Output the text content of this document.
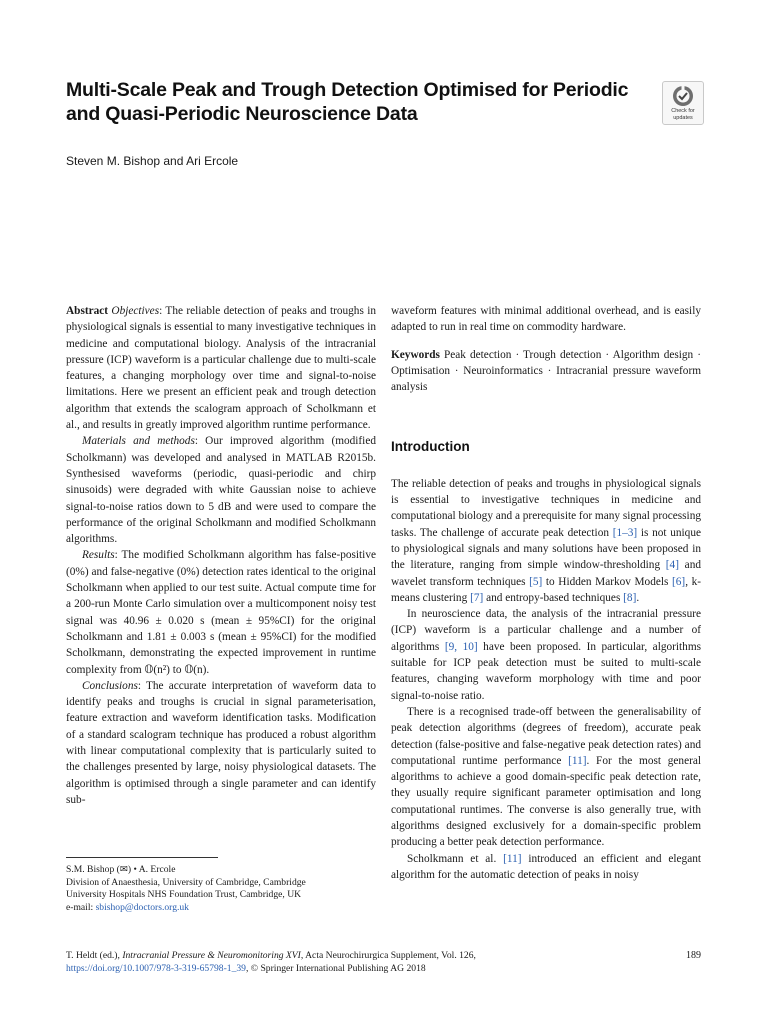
Multi-Scale Peak and Trough Detection Optimised for Periodic and Quasi-Periodic Neuroscience Data	Check for
updates
Steven M. Bishop and Ari Ercole

Abstract Objectives: The reliable detection of peaks and troughs in physiological signals is essential to many investigative techniques in medicine and computational biology. Analysis of the intracranial pressure (ICP) waveform is a particular challenge due to multi-scale features, a changing morphology over time and signal-to-noise limitations. Here we present an efficient peak and trough detection algorithm that extends the scalogram approach of Scholkmann et al., and results in greatly improved algorithm runtime performance.

Materials and methods: Our improved algorithm (modified Scholkmann) was developed and analysed in MATLAB R2015b. Synthesised waveforms (periodic, quasi-periodic and chirp sinusoids) were degraded with white Gaussian noise to achieve signal-to-noise ratios down to 5 dB and were used to compare the performance of the original Scholkmann and modified Scholkmann algorithms.

Results: The modified Scholkmann algorithm has false-positive (0%) and false-negative (0%) detection rates identical to the original Scholkmann when applied to our test suite. Actual compute time for a 200-run Monte Carlo simulation over a multicomponent noisy test signal was 40.96 ± 0.020 s (mean ± 95%CI) for the original Scholkmann and 1.81 ± 0.003 s (mean ± 95%CI) for the modified Scholkmann, demonstrating the expected improvement in runtime complexity from 𝕆(n²) to 𝕆(n).

Conclusions: The accurate interpretation of waveform data to identify peaks and troughs is crucial in signal parameterisation, feature extraction and waveform identification tasks. Modification of a standard scalogram technique has produced a robust algorithm with linear computational complexity that is particularly suited to the challenges presented by large, noisy physiological datasets. The algorithm is optimised through a single parameter and can identify sub-

S.M. Bishop (✉) • A. Ercole

Division of Anaesthesia, University of Cambridge, Cambridge

University Hospitals NHS Foundation Trust, Cambridge, UK

e-mail: sbishop@doctors.org.uk

waveform features with minimal additional overhead, and is easily adapted to run in real time on commodity hardware.

Keywords Peak detection · Trough detection · Algorithm design · Optimisation · Neuroinformatics · Intracranial pressure waveform analysis

Introduction

The reliable detection of peaks and troughs in physiological signals is essential to investigative techniques in medicine and computational biology and a prerequisite for many signal processing tasks. The challenge of accurate peak detection [1–3] is not unique to physiological signals and many solutions have been proposed in the literature, ranging from simple window-thresholding [4] and wavelet transform techniques [5] to Hidden Markov Models [6], k-means clustering [7] and entropy-based techniques [8].

In neuroscience data, the analysis of the intracranial pressure (ICP) waveform is a particular challenge and a number of algorithms [9, 10] have been proposed. In particular, algorithms suitable for ICP peak detection must be suited to multi-scale features, changing waveform morphology with time and poor signal-to-noise ratio.

There is a recognised trade-off between the generalisability of peak detection algorithms (degrees of freedom), accurate peak detection (false-positive and false-negative peak detection rates) and computational runtime performance [11]. For the most general algorithms to achieve a good domain-specific peak detection rate, they usually require significant parameter optimisation and long computational runtimes. The converse is also generally true, with algorithms designed exclusively for a domain-specific problem producing a better peak detection performance.

Scholkmann et al. [11] introduced an efficient and elegant algorithm for the automatic detection of peaks in noisy

T. Heldt (ed.), Intracranial Pressure & Neuromonitoring XVI, Acta Neurochirurgica Supplement, Vol. 126,

https://doi.org/10.1007/978-3-319-65798-1_39, © Springer International Publishing AG 2018

189
